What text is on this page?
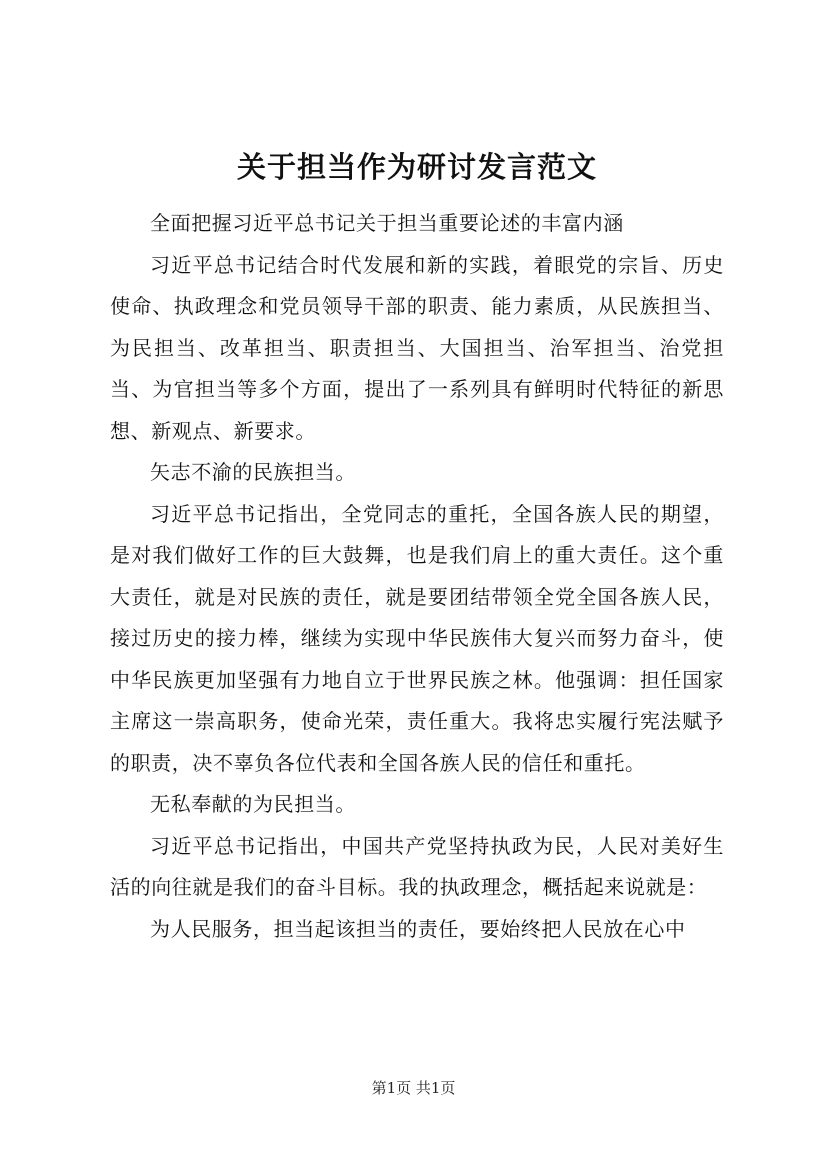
关于担当作为研讨发言范文

全面把握习近平总书记关于担当重要论述的丰富内涵

习近平总书记结合时代发展和新的实践，着眼党的宗旨、历史使命、执政理念和党员领导干部的职责、能力素质，从民族担当、为民担当、改革担当、职责担当、大国担当、治军担当、治党担当、为官担当等多个方面，提出了一系列具有鲜明时代特征的新思想、新观点、新要求。

矢志不渝的民族担当。

习近平总书记指出，全党同志的重托，全国各族人民的期望，是对我们做好工作的巨大鼓舞，也是我们肩上的重大责任。这个重大责任，就是对民族的责任，就是要团结带领全党全国各族人民，接过历史的接力棒，继续为实现中华民族伟大复兴而努力奋斗，使中华民族更加坚强有力地自立于世界民族之林。他强调：担任国家主席这一崇高职务，使命光荣，责任重大。我将忠实履行宪法赋予的职责，决不辜负各位代表和全国各族人民的信任和重托。

无私奉献的为民担当。

习近平总书记指出，中国共产党坚持执政为民，人民对美好生活的向往就是我们的奋斗目标。我的执政理念，概括起来说就是：

为人民服务，担当起该担当的责任，要始终把人民放在心中

第1页 共1页
